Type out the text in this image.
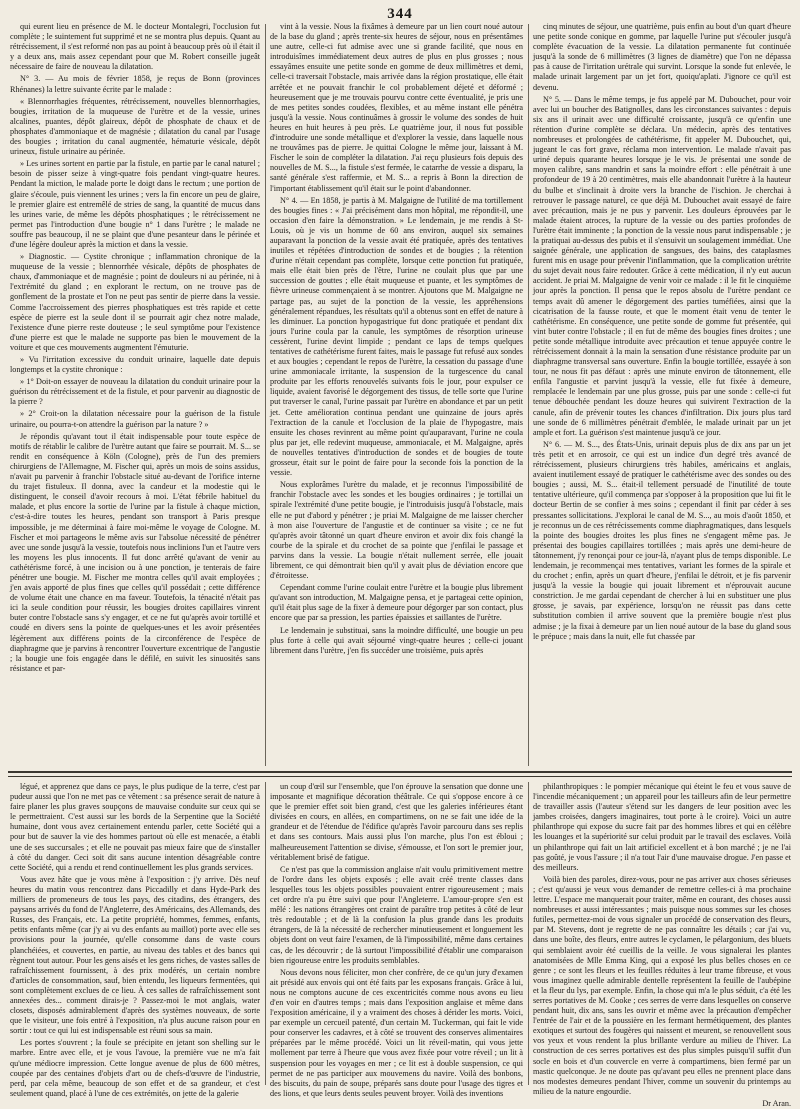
344

qui eurent lieu en présence de M. le docteur Montalegri, l'occlusion fut complète ; le suintement fut supprimé et ne se montra plus depuis. Quant au rétrécissement, il s'est reformé non pas au point à beaucoup près où il était il y a deux ans, mais assez cependant pour que M. Robert conseille jugeât nécessaire de faire de nouveau la dilatation.

N° 3. — Au mois de février 1858, je reçus de Bonn (provinces Rhénanes) la lettre suivante écrite par le malade :

« Blennorrhagies fréquentes, rétrécissement, nouvelles blennorrhagies, bougies, irritation de la muqueuse de l'urètre et de la vessie, urines alcalines, puantes, dépôt glaireux, dépôt de phosphate de chaux et de phosphates d'ammoniaque et de magnésie ; dilatation du canal par l'usage des bougies ; irritation du canal augmentée, hématurie vésicale, dépôt urineux, fistule urinaire au périnée.

» Les urines sortent en partie par la fistule, en partie par le canal naturel ; besoin de pisser seize à vingt-quatre fois pendant vingt-quatre heures. Pendant la miction, le malade porte le doigt dans le rectum ; une portion de glaire s'écoule, puis viennent les urines ; vers la fin encore un peu de glaire, le premier glaire est entremêlé de stries de sang, la quantité de mucus dans les urines varie, de même les dépôts phosphatiques ; le rétrécissement ne permet pas l'introduction d'une bougie n° 1 dans l'urètre ; le malade ne souffre pas beaucoup, il ne se plaint que d'une pesanteur dans le périnée et d'une légère douleur après la miction et dans la vessie.

» Diagnostic. — Cystite chronique ; inflammation chronique de la muqueuse de la vessie ; blennorrhée vésicale, dépôts de phosphates de chaux, d'ammoniaque et de magnésie ; point de douleurs ni au périnée, ni à l'extrémité du gland ; en explorant le rectum, on ne trouve pas de gonflement de la prostate et l'on ne peut pas sentir de pierre dans la vessie. Comme l'accroissement des pierres phosphatiques est très rapide et cette espèce de pierre est la seule dont il se pourrait agir chez notre malade, l'existence d'une pierre reste douteuse ; le seul symptôme pour l'existence d'une pierre est que le malade ne supporte pas bien le mouvement de la voiture et que ces mouvements augmentent l'émuturie.

» Vu l'irritation excessive du conduit urinaire, laquelle date depuis longtemps et la cystite chronique :

» 1° Doit-on essayer de nouveau la dilatation du conduit urinaire pour la guérison du rétrécissement et de la fistule, et pour parvenir au diagnostic de la pierre ?

» 2° Croit-on la dilatation nécessaire pour la guérison de la fistule urinaire, ou pourra-t-on attendre la guérison par la nature ? »

Je répondis qu'avant tout il était indispensable pour toute espèce de motifs de rétablir le calibre de l'urètre autant que faire se pourrait. M. S... se rendit en conséquence à Köln (Cologne), près de l'un des premiers chirurgiens de l'Allemagne, M. Fischer qui, après un mois de soins assidus, n'avait pu parvenir à franchir l'obstacle situé au-devant de l'orifice interne du trajet fistuleux. Il donna, avec la candeur et la modestie qui le distinguent, le conseil d'avoir recours à moi. L'état fébrile habituel du malade, et plus encore la sortie de l'urine par la fistule à chaque miction, c'est-à-dire toutes les heures, pendant son transport à Paris presque impossible, je me déterminai à faire moi-même le voyage de Cologne. M. Fischer et moi partageons le même avis sur l'absolue nécessité de pénétrer avec une sonde jusqu'à la vessie, toutefois nous inclinions l'un et l'autre vers les moyens les plus innocents. Il fut donc arrêté qu'avant de venir au cathétérisme forcé, à une incision ou à une ponction, je tenterais de faire pénétrer une bougie. M. Fischer me montra celles qu'il avait employées ; j'en avais apporté de plus fines que celles qu'il possédait ; cette différence de volume était une chance en ma faveur. Toutefois, la ténacité n'était pas ici la seule condition pour réussir, les bougies droites capillaires vinrent buter contre l'obstacle sans s'y engager, et ce ne fut qu'après avoir tortillé et coudé en divers sens la pointe de quelques-unes et les avoir présentées légèrement aux différens points de la circonférence de l'espèce de diaphragme que je parvins à rencontrer l'ouverture excentrique de l'angustie ; la bougie une fois engagée dans le défilé, en suivit les sinuosités sans résistance et par-

vint à la vessie. Nous la fixâmes à demeure par un lien court noué autour de la base du gland ; après trente-six heures de séjour, nous en présentâmes une autre, celle-ci fut admise avec une si grande facilité, que nous en introduisîmes immédiatement deux autres de plus en plus grosses ; nous essayâmes ensuite une petite sonde en gomme de deux millimètres et demi, celle-ci traversait l'obstacle, mais arrivée dans la région prostatique, elle était arrêtée et ne pouvait franchir le col probablement déjeté et déformé ; heureusement que je me trouvais pourvu contre cette éventualité, je pris une de mes petites sondes coudées, flexibles, et au même instant elle pénétra jusqu'à la vessie. Nous continuâmes à grossir le volume des sondes de huit heures en huit heures à peu près. Le quatrième jour, il nous fut possible d'introduire une sonde métallique et d'explorer la vessie, dans laquelle nous ne trouvâmes pas de pierre. Je quittai Cologne le même jour, laissant à M. Fischer le soin de compléter la dilatation. J'ai reçu plusieurs fois depuis des nouvelles de M. S..., la fistule s'est fermée, le catarrhe de vessie a disparu, la santé générale s'est raffermie, et M. S... a repris à Bonn la direction de l'important établissement qu'il était sur le point d'abandonner.

N° 4. — En 1858, je partis à M. Malgaigne de l'utilité de ma tortillement des bougies fines : « J'ai précisément dans mon hôpital, me répondit-il, une occasion d'en faire la démonstration. » Le lendemain, je me rendis à St-Louis, où je vis un homme de 60 ans environ, auquel six semaines auparavant la ponction de la vessie avait été pratiquée, après des tentatives inutiles et répétées d'introduction de sondes et de bougies ; la rétention d'urine n'était cependant pas complète, lorsque cette ponction fut pratiquée, mais elle était bien près de l'être, l'urine ne coulait plus que par une succession de gouttes ; elle était muqueuse et puante, et les symptômes de fièvre urineuse commençaient à se montrer. Ajoutons que M. Malgaigne ne partage pas, au sujet de la ponction de la vessie, les appréhensions généralement répandues, les résultats qu'il a obtenus sont en effet de nature à les diminuer. La ponction hypogastrique fut donc pratiquée et pendant dix jours l'urine coula par la canule, les symptômes de résorption urineuse cessèrent, l'urine devint limpide ; pendant ce laps de temps quelques tentatives de cathétérisme furent faites, mais le passage fut refusé aux sondes et aux bougies ; cependant le repos de l'urètre, la cessation du passage d'une urine ammoniacale irritante, la suspension de la turgescence du canal produite par les efforts renouvelés suivants fois le jour, pour expulser ce liquide, avaient favorisé le dégorgement des tissus, de telle sorte que l'urine put traverser le canal, l'urine passait par l'urètre en abondance et par un petit jet. Cette amélioration continua pendant une quinzaine de jours après l'extraction de la canule et l'occlusion de la plaie de l'hypogastre, mais ensuite les choses revinrent au même point qu'auparavant, l'urine ne coula plus par jet, elle redevint muqueuse, ammoniacale, et M. Malgaigne, après de nouvelles tentatives d'introduction de sondes et de bougies de toute grosseur, était sur le point de faire pour la seconde fois la ponction de la vessie.

Nous explorâmes l'urètre du malade, et je reconnus l'impossibilité de franchir l'obstacle avec les sondes et les bougies ordinaires ; je tortillai un spirale l'extrémité d'une petite bougie, je l'introduisis jusqu'à l'obstacle, mais elle ne put d'abord y pénétrer ; je priai M. Malgaigne de me laisser chercher à mon aise l'ouverture de l'angustie et de continuer sa visite ; ce ne fut qu'après avoir tâtonné un quart d'heure environ et avoir dix fois changé la courbe de la spirale et du crochet de sa pointe que j'enfilai le passage et parvins dans la vessie. La bougie n'était nullement serrée, elle jouait librement, ce qui démontrait bien qu'il y avait plus de déviation encore que d'étroitesse.

Cependant comme l'urine coulait entre l'urètre et la bougie plus librement qu'avant son introduction, M. Malgaigne pensa, et je partageai cette opinion, qu'il était plus sage de la fixer à demeure pour dégorger par son contact, plus encore que par sa pression, les parties épaissies et saillantes de l'urètre.

Le lendemain je substituai, sans la moindre difficulté, une bougie un peu plus forte à celle qui avait séjourné vingt-quatre heures ; celle-ci jouant librement dans l'urètre, j'en fis succéder une troisième, puis après

cinq minutes de séjour, une quatrième, puis enfin au bout d'un quart d'heure une petite sonde conique en gomme, par laquelle l'urine put s'écouler jusqu'à complète évacuation de la vessie. La dilatation permanente fut continuée jusqu'à la sonde de 6 millimètres (3 lignes de diamètre) que l'on ne dépassa pas à cause de l'irritation urétrale qui survint. Lorsque la sonde fut enlevée, le malade urinait largement par un jet fort, quoiqu'aplati. J'ignore ce qu'il est devenu.

N° 5. — Dans le même temps, je fus appelé par M. Dubouchet, pour voir avec lui un boucher des Batignolles, dans les circonstances suivantes : depuis six ans il urinait avec une difficulté croissante, jusqu'à ce qu'enfin une rétention d'urine complète se déclara. Un médecin, après des tentatives nombreuses et prolongées de cathétérisme, fit appeler M. Dubouchet, qui, jugeant le cas fort grave, réclama mon intervention. Le malade n'avait pas uriné depuis quarante heures lorsque je le vis. Je présentai une sonde de moyen calibre, sans mandrin et sans la moindre effort : elle pénétrait à une profondeur de 19 à 20 centimètres, mais elle abandonnait l'urètre à la hauteur du bulbe et s'inclinait à droite vers la branche de l'ischion. Je cherchai à retrouver le passage naturel, ce que déjà M. Dubouchet avait essayé de faire avec précaution, mais je ne pus y parvenir. Les douleurs éprouvées par le malade étaient atroces, la rupture de la vessie ou des parties profondes de l'urètre était imminente ; la ponction de la vessie nous parut indispensable ; je la pratiquai au-dessus des pubis et il s'ensuivit un soulagement immédiat. Une saignée générale, une application de sangsues, des bains, des cataplasmes furent mis en usage pour prévenir l'inflammation, que la complication urétrite du sujet devait nous faire redouter. Grâce à cette médication, il n'y eut aucun accident. Je priai M. Malgaigne de venir voir ce malade : il le fit le cinquième jour après la ponction. Il pensa que le repos absolu de l'urètre pendant ce temps avait dû amener le dégorgement des parties tuméfiées, ainsi que la cicatrisation de la fausse route, et que le moment était venu de tenter le cathétérisme. En conséquence, une petite sonde de gomme fut présentée, qui vint buter contre l'obstacle ; il en fut de même des bougies fines droites ; une petite sonde métallique introduite avec précaution et tenue appuyée contre le rétrécissement donnait à la main la sensation d'une résistance produite par un diaphragme transversal sans ouverture. Enfin la bougie tortillée, essayée à son tour, ne nous fit pas défaut : après une minute environ de tâtonnement, elle enfila l'angustie et parvint jusqu'à la vessie, elle fut fixée à demeure, remplacée le lendemain par une plus grosse, puis par une sonde : celle-ci fut tenue débouchée pendant les douze heures qui suivirent l'extraction de la canule, afin de prévenir toutes les chances d'infiltration. Dix jours plus tard une sonde de 6 millimètres pénétrait d'emblée, le malade urinait par un jet ample et fort. La guérison s'est maintenue jusqu'à ce jour.

N° 6. — M. S..., des États-Unis, urinait depuis plus de dix ans par un jet très petit et en arrosoir, ce qui est un indice d'un degré très avancé de rétrécissement, plusieurs chirurgiens très habiles, américains et anglais, avaient inutilement essayé de pratiquer le cathétérisme avec des sondes ou des bougies ; aussi, M. S... était-il tellement persuadé de l'inutilité de toute tentative ultérieure, qu'il commença par s'opposer à la proposition que lui fit le docteur Bertin de se confier à mes soins ; cependant il finit par céder à ses pressantes sollicitations. J'explorai le canal de M. S..., au mois d'août 1850, et je reconnus un de ces rétrécissements comme diaphragmatiques, dans lesquels la pointe des bougies droites les plus fines ne s'engagent même pas. Je présentai des bougies capillaires tortillées ; mais après une demi-heure de tâtonnement, j'y renonçai pour ce jour-là, n'ayant plus de temps disponible. Le lendemain, je recommençai mes tentatives, variant les formes de la spirale et du crochet ; enfin, après un quart d'heure, j'enfilai le détroit, et je fis parvenir jusqu'à la vessie la bougie qui jouait librement et n'éprouvait aucune constriction. Je me gardai cependant de chercher à lui en substituer une plus grosse, je savais, par expérience, lorsqu'on ne réussit pas dans cette substitution combien il arrive souvent que la première bougie n'est plus admise ; je la fixai à demeure par un lien noué autour de la base du gland sous le prépuce ; mais dans la nuit, elle fut chassée par

légué, et apprenez que dans ce pays, le plus pudique de la terre, c'est par pudeur aussi que l'on ne met pas ce vêtement : sa présence serait de nature à faire planer les plus graves soupçons de mauvaise conduite sur ceux qui se le permettraient. C'est aussi sur les bords de la Serpentine que la Société humaine, dont vous avez certainement entendu parler, cette Société qui a pour but de sauver la vie des hommes partout où elle est menacée, a établi une de ses succursales ; et elle ne pouvait pas mieux faire que de s'installer à côté du danger. Ceci soit dit sans aucune intention désagréable contre cette Société, qui a rendu et rend continuellement les plus grands services.

Vous avez hâte que je vous mène à l'exposition : j'y arrive. Dès neuf heures du matin vous rencontrez dans Piccadilly et dans Hyde-Park des milliers de promeneurs de tous les pays, des citadins, des étrangers, des paysans arrivés du fond de l'Angleterre, des Américains, des Allemands, des Russes, des Français, etc. La petite propriété, hommes, femmes, enfants, petits enfants même (car j'y ai vu des enfants au maillot) porte avec elle ses provisions pour la journée, qu'elle consomme dans de vaste cours planchéiées, et couvertes, en partie, au niveau des tables et des bancs qui règnent tout autour. Pour les gens aisés et les gens riches, de vastes salles de rafraîchissement fournissent, à des prix modérés, un certain nombre d'articles de consommation, sauf, bien entendu, les liqueurs fermentées, qui sont complètement exclues de ce lieu. À ces salles de rafraîchissement sont annexées des... comment dirais-je ? Passez-moi le mot anglais, water closets, disposés admirablement d'après des systèmes nouveaux, de sorte que le visiteur, une fois entré à l'exposition, n'a plus aucune raison pour en sortir : tout ce qui lui est indispensable est réuni sous sa main.

Les portes s'ouvrent ; la foule se précipite en jetant son shelling sur le marbre. Entre avec elle, et je vous l'avoue, la première vue ne m'a fait qu'une médiocre impression. Cette longue avenue de plus de 600 mètres, coupée par des centaines d'objets d'art ou de chefs-d'œuvre de l'industrie, perd, par cela même, beaucoup de son effet et de sa grandeur, et c'est seulement quand, placé à l'une de ces extrémités, on jette de la galerie

un coup d'œil sur l'ensemble, que l'on éprouve la sensation que donne une imposante et magnifique décoration théâtrale. Ce qui s'oppose encore à ce que le premier effet soit bien grand, c'est que les galeries inférieures étant divisées en cours, en allées, en compartimens, on ne se fait une idée de la grandeur et de l'étendue de l'édifice qu'après l'avoir parcouru dans ses replis et dans ses contours. Mais aussi plus l'on marche, plus l'on est ébloui ; malheureusement l'attention se divise, s'émousse, et l'on sort le premier jour, véritablement brisé de fatigue.

Ce n'est pas que la commission anglaise n'ait voulu primitivement mettre de l'ordre dans les objets exposés ; elle avait créé trente classes dans lesquelles tous les objets possibles pouvaient entrer rigoureusement ; mais cet ordre n'a pu être suivi que pour l'Angleterre. L'amour-propre s'en est mêlé : les nations étrangères ont craint de paraître trop petites à côté de leur très redoutable ; et de là la confusion la plus grande dans les produits étrangers, de là la nécessité de rechercher minutieusement et longuement les objets dont on veut faire l'examen, de là l'impossibilité, même dans certaines cas, de les découvrir ; de là surtout l'impossibilité d'établir une comparaison bien rigoureuse entre les produits semblables.

Nous devons nous féliciter, mon cher confrère, de ce qu'un jury d'examen ait présidé aux envois qui ont été faits par les exposans français. Grâce à lui, nous ne comptons aucune de ces excentricités comme nous avons eu lieu d'en voir en d'autres temps ; mais dans l'exposition anglaise et même dans l'exposition américaine, il y a vraiment des choses à dérider les morts. Voici, par exemple un cercueil patenté, d'un certain M. Tuckerman, qui fait le vide pour conserver les cadavres, et à côté se trouvent des conserves alimentaires préparées par le même procédé. Voici un lit réveil-matin, qui vous jette mollement par terre à l'heure que vous avez fixée pour votre réveil ; un lit à suspension pour les voyages en mer ; ce lit est à double suspension, ce qui permet de ne pas participer aux mouvemens du navire. Voilà des bonbons, des biscuits, du pain de soupe, préparés sans doute pour l'usage des tigres et des lions, et que leurs dents seules peuvent broyer. Voilà des inventions

philanthropiques : le pompier mécanique qui éteint le feu et vous sauve de l'incendie mécaniquement ; un appareil pour les tailleurs afin de leur permettre de travailler assis (l'auteur s'étend sur les dangers de leur position avec les jambes croisées, dangers imaginaires, tout porte à le croire). Voici un autre philanthrope qui expose du sucre fait par des hommes libres et qui en célèbre les louanges et la supériorité sur celui produit par le travail des esclaves. Voilà un philanthrope qui fait un lait artificiel excellent et à bon marché ; je ne l'ai pas goûté, je vous l'assure ; il n'a tout l'air d'une mauvaise drogue. J'en passe et des meilleurs.

Voilà bien des paroles, direz-vous, pour ne pas arriver aux choses sérieuses ; c'est qu'aussi je veux vous demander de remettre celles-ci à ma prochaine lettre. L'espace me manquerait pour traiter, même en courant, des choses aussi nombreuses et aussi intéressantes ; mais puisque nous sommes sur les choses futiles, permettez-moi de vous signaler un procédé de conservation des fleurs, par M. Stevens, dont je regrette de ne pas connaître les détails ; car j'ai vu, dans une boîte, des fleurs, entre autres le cyclamen, le pélargonium, des bluets qui semblaient avoir été cueillis de la veille. Je vous signalerai les plantes anatomisées de Mlle Emma King, qui a exposé les plus belles choses en ce genre ; ce sont les fleurs et les feuilles réduites à leur trame fibreuse, et vous vous imaginez quelle admirable dentelle représentent la feuille de l'aubépine et la fleur du lys, par exemple. Enfin, la chose qui m'a le plus séduit, c'a été les serres portatives de M. Cooke ; ces serres de verre dans lesquelles on conserve pendant huit, dix ans, sans les ouvrir et même avec la précaution d'empêcher l'entrée de l'air et de la poussière en les fermant hermétiquement, des plantes exotiques et surtout des fougères qui naissent et meurent, se renouvellent sous vos yeux et vous rendent la plus brillante verdure au milieu de l'hiver. La construction de ces serres portatives est des plus simples puisqu'il suffit d'un socle en bois et d'un couvercle en verre à compartimens, bien fermé par un mastic quelconque. Je ne doute pas qu'avant peu elles ne prennent place dans nos modestes demeures pendant l'hiver, comme un souvenir du printemps au milieu de la nature engourdie.

Dr Aran.
